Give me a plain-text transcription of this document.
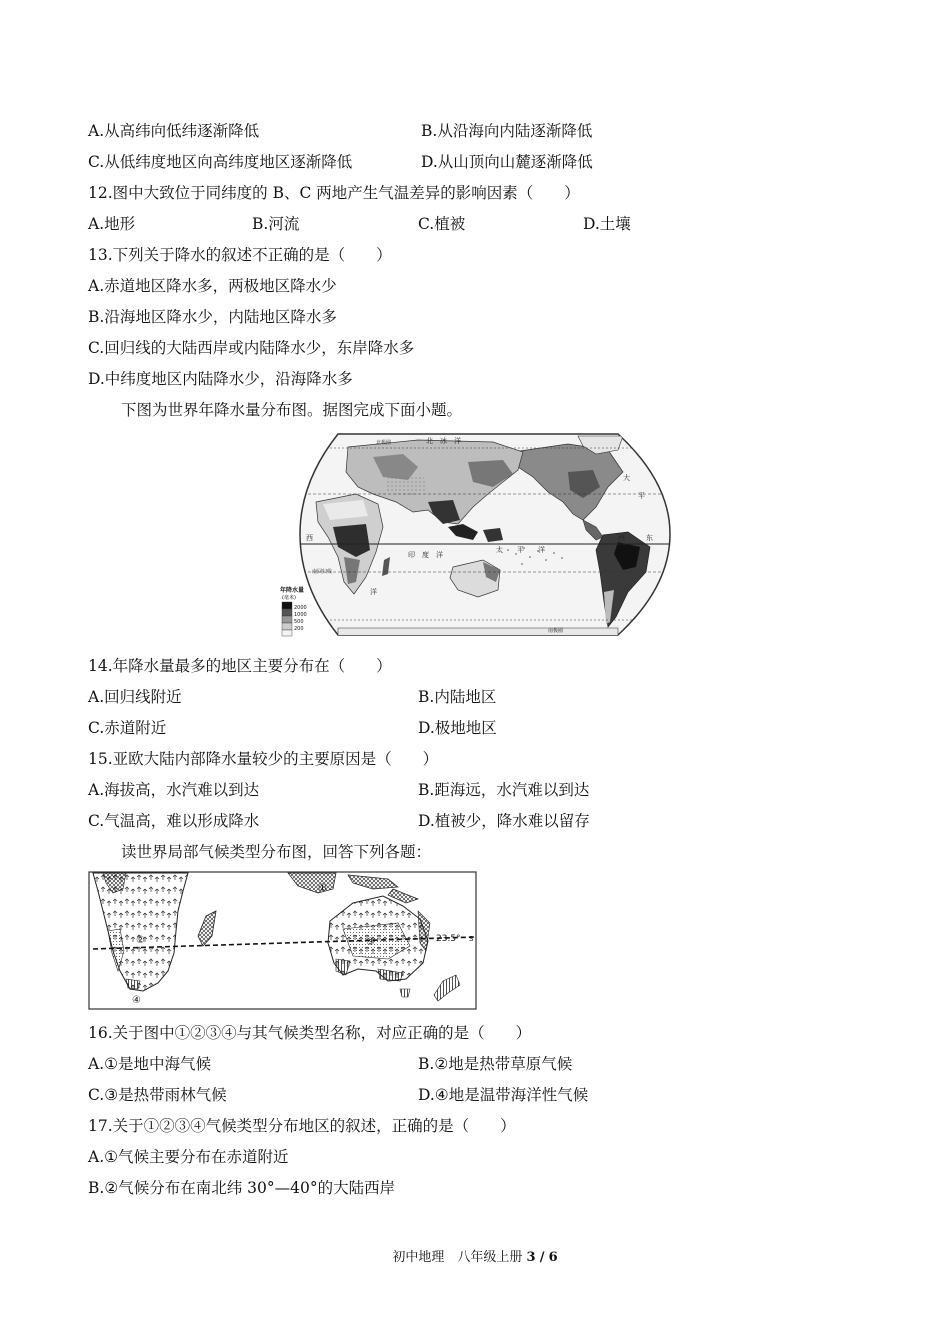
A.从高纬向低纬逐渐降低	B.从沿海向内陆逐渐降低
C.从低纬度地区向高纬度地区逐渐降低	D.从山顶向山麓逐渐降低
12.图中大致位于同纬度的 B、C 两地产生气温差异的影响因素（　　）
A.地形	B.河流	C.植被	D.土壤
13.下列关于降水的叙述不正确的是（　　）
A.赤道地区降水多，两极地区降水少
B.沿海地区降水少，内陆地区降水多
C.回归线的大陆西岸或内陆降水少，东岸降水多
D.中纬度地区内陆降水少，沿海降水多
下图为世界年降水量分布图。据图完成下面小题。
北　冰　洋
北极圈
大
平
太　　平　　洋
印　度　洋
西
洋
东
西
南回归线
南极圈
年降水量
(毫米)
2000
1000
500
200
14.年降水量最多的地区主要分布在（　　）
A.回归线附近	B.内陆地区
C.赤道附近	D.极地地区
15.亚欧大陆内部降水量较少的主要原因是（　　）
A.海拔高，水汽难以到达	B.距海远，水汽难以到达
C.气温高，难以形成降水	D.植被少，降水难以留存
读世界局部气候类型分布图，回答下列各题：
23.5° S
①
②	③
④
16.关于图中①②③④与其气候类型名称，对应正确的是（　　）
A.①是地中海气候	B.②地是热带草原气候
C.③是热带雨林气候	D.④地是温带海洋性气候
17.关于①②③④气候类型分布地区的叙述，正确的是（　　）
A.①气候主要分布在赤道附近
B.②气候分布在南北纬 30°—40°的大陆西岸
初中地理　八年级上册 3 / 6
